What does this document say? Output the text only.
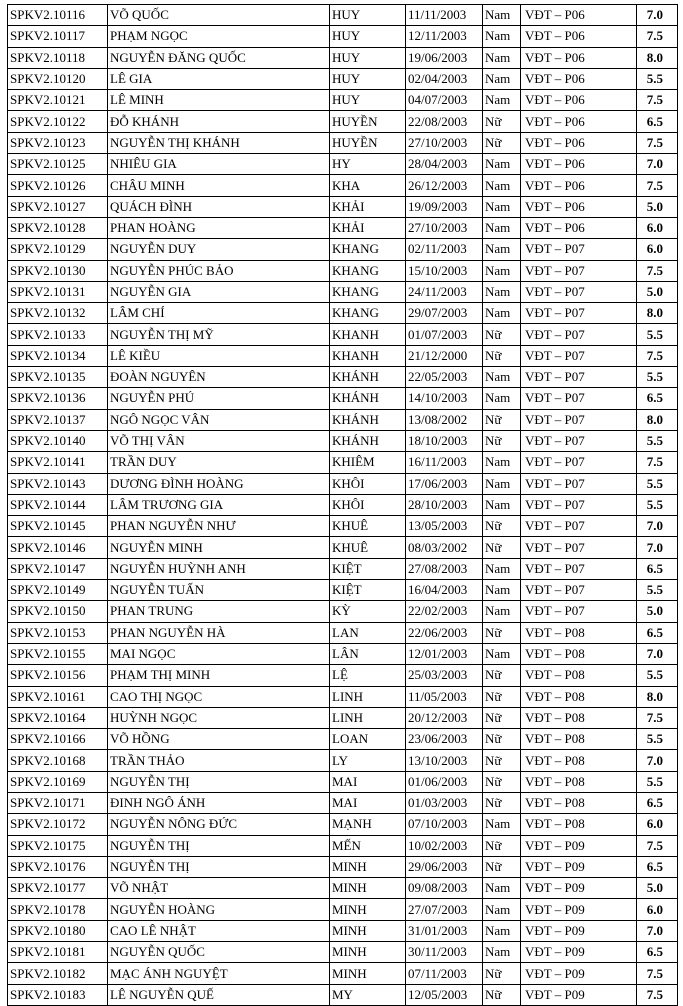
SPKV2.10116	VÕ QUỐC	HUY	11/11/2003	Nam	VĐT – P06	7.0
SPKV2.10117	PHẠM NGỌC	HUY	12/11/2003	Nam	VĐT – P06	7.5
SPKV2.10118	NGUYỄN ĐĂNG QUỐC	HUY	19/06/2003	Nam	VĐT – P06	8.0
SPKV2.10120	LÊ GIA	HUY	02/04/2003	Nam	VĐT – P06	5.5
SPKV2.10121	LÊ MINH	HUY	04/07/2003	Nam	VĐT – P06	7.5
SPKV2.10122	ĐỖ KHÁNH	HUYỀN	22/08/2003	Nữ	VĐT – P06	6.5
SPKV2.10123	NGUYỄN THỊ KHÁNH	HUYỀN	27/10/2003	Nữ	VĐT – P06	7.5
SPKV2.10125	NHIÊU GIA	HY	28/04/2003	Nam	VĐT – P06	7.0
SPKV2.10126	CHÂU MINH	KHA	26/12/2003	Nam	VĐT – P06	7.5
SPKV2.10127	QUÁCH ĐÌNH	KHẢI	19/09/2003	Nam	VĐT – P06	5.0
SPKV2.10128	PHAN HOÀNG	KHẢI	27/10/2003	Nam	VĐT – P06	6.0
SPKV2.10129	NGUYỄN DUY	KHANG	02/11/2003	Nam	VĐT – P07	6.0
SPKV2.10130	NGUYỄN PHÚC BẢO	KHANG	15/10/2003	Nam	VĐT – P07	7.5
SPKV2.10131	NGUYỄN GIA	KHANG	24/11/2003	Nam	VĐT – P07	5.0
SPKV2.10132	LÂM CHÍ	KHANG	29/07/2003	Nam	VĐT – P07	8.0
SPKV2.10133	NGUYỄN THỊ MỸ	KHANH	01/07/2003	Nữ	VĐT – P07	5.5
SPKV2.10134	LÊ KIỀU	KHANH	21/12/2000	Nữ	VĐT – P07	7.5
SPKV2.10135	ĐOÀN NGUYÊN	KHÁNH	22/05/2003	Nam	VĐT – P07	5.5
SPKV2.10136	NGUYỄN PHÚ	KHÁNH	14/10/2003	Nam	VĐT – P07	6.5
SPKV2.10137	NGÔ NGỌC VÂN	KHÁNH	13/08/2002	Nữ	VĐT – P07	8.0
SPKV2.10140	VÕ THỊ VÂN	KHÁNH	18/10/2003	Nữ	VĐT – P07	5.5
SPKV2.10141	TRẦN DUY	KHIÊM	16/11/2003	Nam	VĐT – P07	7.5
SPKV2.10143	DƯƠNG ĐÌNH HOÀNG	KHÔI	17/06/2003	Nam	VĐT – P07	5.5
SPKV2.10144	LÂM TRƯƠNG GIA	KHÔI	28/10/2003	Nam	VĐT – P07	5.5
SPKV2.10145	PHAN NGUYỄN NHƯ	KHUÊ	13/05/2003	Nữ	VĐT – P07	7.0
SPKV2.10146	NGUYỄN MINH	KHUÊ	08/03/2002	Nữ	VĐT – P07	7.0
SPKV2.10147	NGUYỄN HUỲNH ANH	KIỆT	27/08/2003	Nam	VĐT – P07	6.5
SPKV2.10149	NGUYỄN TUẤN	KIỆT	16/04/2003	Nam	VĐT – P07	5.5
SPKV2.10150	PHAN TRUNG	KỲ	22/02/2003	Nam	VĐT – P07	5.0
SPKV2.10153	PHAN NGUYỄN HÀ	LAN	22/06/2003	Nữ	VĐT – P08	6.5
SPKV2.10155	MAI NGỌC	LÂN	12/01/2003	Nam	VĐT – P08	7.0
SPKV2.10156	PHẠM THỊ MINH	LỆ	25/03/2003	Nữ	VĐT – P08	5.5
SPKV2.10161	CAO THỊ NGỌC	LINH	11/05/2003	Nữ	VĐT – P08	8.0
SPKV2.10164	HUỲNH NGỌC	LINH	20/12/2003	Nữ	VĐT – P08	7.5
SPKV2.10166	VÕ HỒNG	LOAN	23/06/2003	Nữ	VĐT – P08	5.5
SPKV2.10168	TRẦN THẢO	LY	13/10/2003	Nữ	VĐT – P08	7.0
SPKV2.10169	NGUYỄN THỊ	MAI	01/06/2003	Nữ	VĐT – P08	5.5
SPKV2.10171	ĐINH NGÔ ÁNH	MAI	01/03/2003	Nữ	VĐT – P08	6.5
SPKV2.10172	NGUYỄN NÔNG ĐỨC	MẠNH	07/10/2003	Nam	VĐT – P08	6.0
SPKV2.10175	NGUYỄN THỊ	MẾN	10/02/2003	Nữ	VĐT – P09	7.5
SPKV2.10176	NGUYỄN THỊ	MINH	29/06/2003	Nữ	VĐT – P09	6.5
SPKV2.10177	VÕ NHẬT	MINH	09/08/2003	Nam	VĐT – P09	5.0
SPKV2.10178	NGUYỄN HOÀNG	MINH	27/07/2003	Nam	VĐT – P09	6.0
SPKV2.10180	CAO LÊ NHẬT	MINH	31/01/2003	Nam	VĐT – P09	7.0
SPKV2.10181	NGUYỄN QUỐC	MINH	30/11/2003	Nam	VĐT – P09	6.5
SPKV2.10182	MẠC ÁNH NGUYỆT	MINH	07/11/2003	Nữ	VĐT – P09	7.5
SPKV2.10183	LÊ NGUYỄN QUẾ	MY	12/05/2003	Nữ	VĐT – P09	7.5
